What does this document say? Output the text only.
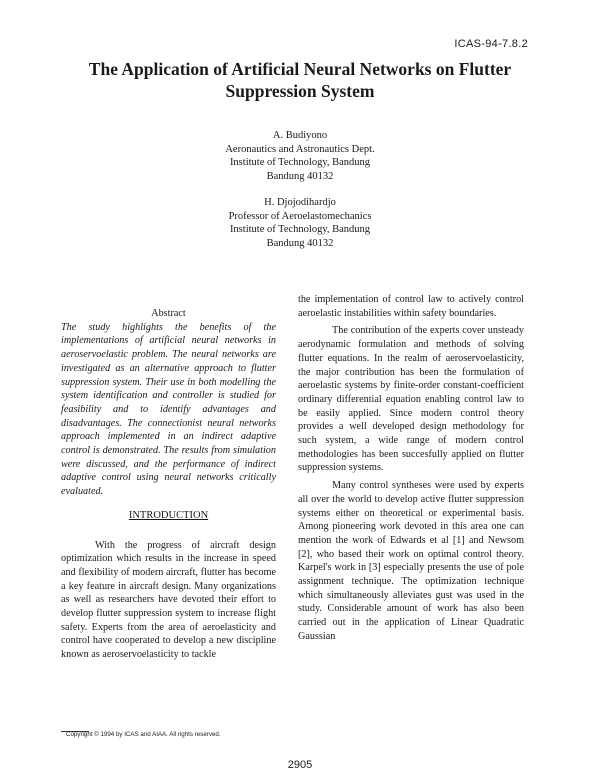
ICAS-94-7.8.2
The Application of Artificial Neural Networks on Flutter Suppression System
A. Budiyono
Aeronautics and Astronautics Dept.
Institute of Technology, Bandung
Bandung 40132
H. Djojodihardjo
Professor of Aeroelastomechanics
Institute of Technology, Bandung
Bandung 40132
Abstract

The study highlights the benefits of the implementations of artificial neural networks in aeroservoelastic problem. The neural networks are investigated as an alternative approach to flutter suppression system. Their use in both modelling the system identification and controller is studied for feasibility and to identify advantages and disadvantages. The connectionist neural networks approach implemented in an indirect adaptive control is demonstrated. The results from simulation were discussed, and the performance of indirect adaptive control using neural networks critically evaluated.

INTRODUCTION

With the progress of aircraft design optimization which results in the increase in speed and flexibility of modern aircraft, flutter has become a key feature in aircraft design. Many organizations as well as researchers have devoted their effort to develop flutter suppression system to increase flight safety. Experts from the area of aeroelasticity and control have cooperated to develop a new discipline known as aeroservoelasticity to tackle

the implementation of control law to actively control aeroelastic instabilities within safety boundaries.

The contribution of the experts cover unsteady aerodynamic formulation and methods of solving flutter equations. In the realm of aeroservoelasticity, the major contribution has been the formulation of aeroelastic systems by finite-order constant-coefficient ordinary differential equation enabling control law to be easily applied. Since modern control theory provides a well developed design methodology for such system, a wide range of modern control methodologies has been succesfully applied on flutter suppression systems.

Many control syntheses were used by experts all over the world to develop active flutter suppression systems either on theoretical or experimental basis. Among pioneering work devoted in this area one can mention the work of Edwards et al [1] and Newsom [2], who based their work on optimal control theory. Karpel's work in [3] especially presents the use of pole assignment technique. The optimization technique which simultaneously alleviates gust was used in the study. Considerable amount of work has also been carried out in the application of Linear Quadratic Gaussian

Copyright © 1994 by ICAS and AIAA. All rights reserved.
2905
